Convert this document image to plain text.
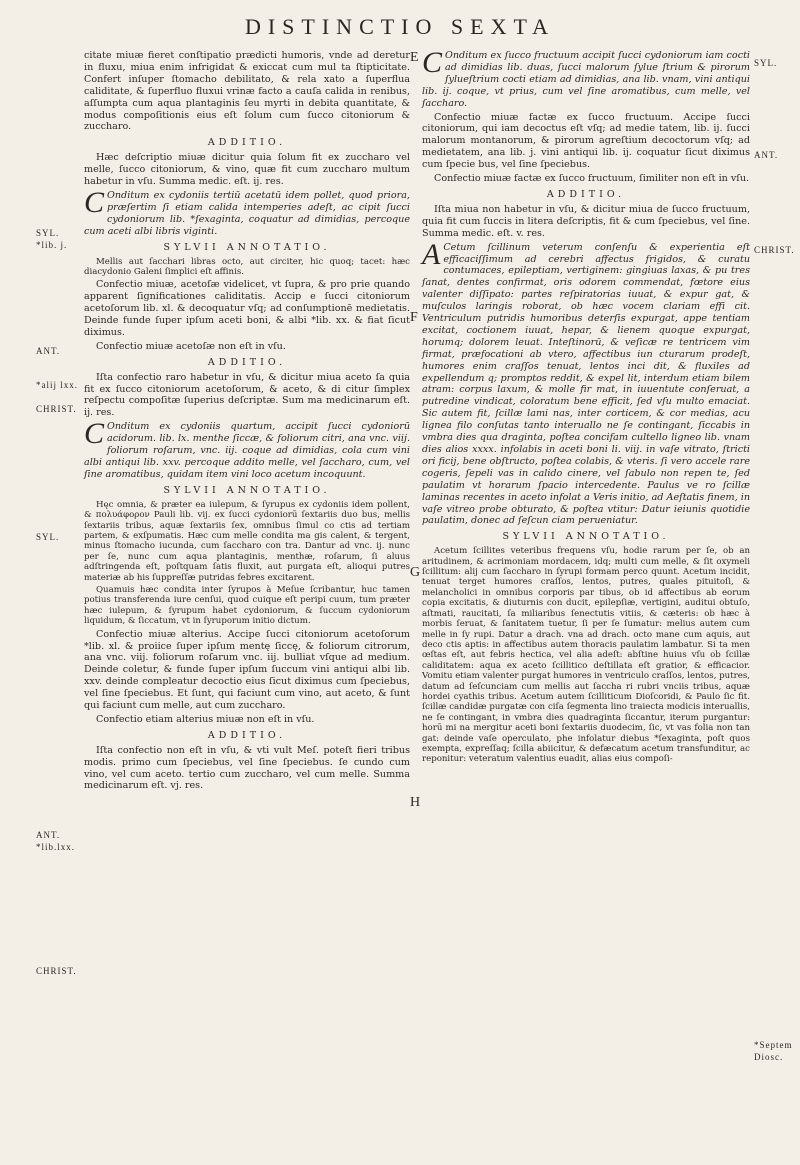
DISTINCTIO SEXTA
SYL.
*lib. j.
ANT.
*alij lxx.
CHRIST.
SYL.
ANT.
*lib.lxx.
CHRIST.
SYL.
ANT.
CHRIST.
*Septem
Diosc.
E
F
G
H

citate miuæ fieret conſtipatio prædicti humoris, vnde ad deretur in fluxu, miua enim infrigidat & exiccat cum mul ta ſtipticitate. Confert inſuper ſtomacho debilitato, & rela xato a ſuperflua caliditate, & ſuperfluo fluxui vrinæ facto a cauſa calida in renibus, aſſumpta cum aqua plantaginis ſeu myrti in debita quantitate, & modus compoſitionis eius eſt ſolum cum ſucco citoniorum & zuccharo.

ADDITIO.

Hæc deſcriptio miuæ dicitur quia ſolum fit ex zuccharo vel melle, ſucco citoniorum, & vino, quæ fit cum zuccharo multum habetur in vſu. Summa medic. eſt. ij. res.

C Onditum ex cydoniis tertiū acetatū idem pollet, quod priora, præſertim ſi etiam calida intemperies adeſt, ac cipit ſucci cydoniorum lib. *ſexaginta, coquatur ad dimidias, percoque cum aceti albi libris viginti.

SYLVII ANNOTATIO.

Mellis aut ſacchari libras octo, aut circiter, hic quoq; tacet: hæc diacydonio Galeni ſimplici eſt affinis.

Confectio miuæ, acetoſæ videlicet, vt ſupra, & pro prie quando apparent ſignificationes caliditatis. Accip e ſucci citoniorum acetoſorum lib. xl. & decoquatur vſq; ad conſumptionē medietatis. Deinde funde ſuper ipſum aceti boni, & albi *lib. xx. & fiat ſicut diximus.

Confectio miuæ acetoſæ non eſt in vſu.

ADDITIO.

Iſta confectio raro habetur in vſu, & dicitur miua aceto ſa quia fit ex ſucco citoniorum acetoſorum, & aceto, & di citur ſimplex reſpectu compoſitæ ſuperius deſcriptæ. Sum ma medicinarum eſt. ij. res.

C Onditum ex cydoniis quartum, accipit ſucci cydoniorū acidorum. lib. lx. menthe ſiccæ, & foliorum citri, ana vnc. viij. foliorum roſarum, vnc. iij. coque ad dimidias, cola cum vini albi antiqui lib. xxv. percoque addito melle, vel ſaccharo, cum, vel ſine aromatibus, quidam item vini loco acetum incoquunt.

SYLVII ANNOTATIO.

Hęc omnia, & præter ea iulepum, & ſyrupus ex cydoniis idem pollent, & πολυάφορον Pauli lib. vij. ex ſucci cydoniorū ſextariis duo bus, mellis ſextariis tribus, aquæ ſextariis ſex, omnibus ſimul co ctis ad tertiam partem, & exſpumatis. Hæc cum melle condita ma gis calent, & tergent, minus ſtomacho iucunda, cum ſaccharo con tra. Dantur ad vnc. ij. nunc per ſe, nunc cum aqua plantaginis, menthæ, roſarum, ſi aluus adſtringenda eſt, poſtquam ſatis fluxit, aut purgata eſt, alioqui putres materiæ ab his ſuppreſſæ putridas febres excitarent.

Quamuis hæc condita inter ſyrupos à Meſue ſcribantur, huc tamen potius transferenda iure cenſui, quod cuique eſt peripi cuum, tum præter hæc iulepum, & ſyrupum habet cydoniorum, & ſuccum cydoniorum liquidum, & ſiccatum, vt in ſyruporum initio dictum.

Confectio miuæ alterius. Accipe ſucci citoniorum acetoſorum *lib. xl. & proiice ſuper ipſum mentę ſiccę, & foliorum citrorum, ana vnc. viij. foliorum roſarum vnc. iij. bulliat vſque ad medium. Deinde coletur, & funde ſuper ipſum ſuccum vini antiqui albi lib. xxv. deinde compleatur decoctio eius ſicut diximus cum ſpeciebus, vel ſine ſpeciebus. Et ſunt, qui faciunt cum vino, aut aceto, & ſunt qui faciunt cum melle, aut cum zuccharo.

Confectio etiam alterius miuæ non eſt in vſu.

ADDITIO.

Iſta confectio non eſt in vſu, & vti vult Meſ. poteſt fieri tribus modis. primo cum ſpeciebus, vel ſine ſpeciebus. ſe cundo cum vino, vel cum aceto. tertio cum zuccharo, vel cum melle. Summa medicinarum eſt. vj. res.

C Onditum ex ſucco fructuum accipit ſucci cydoniorum iam cocti ad dimidias lib. duas, ſucci malorum ſylue ſtrium & pirorum ſylueſtrium cocti etiam ad dimidias, ana lib. vnam, vini antiqui lib. ij. coque, vt prius, cum vel ſine aromatibus, cum melle, vel ſaccharo.

Confectio miuæ factæ ex ſucco fructuum. Accipe ſucci citoniorum, qui iam decoctus eſt vſq; ad medie tatem, lib. ij. ſucci malorum montanorum, & pirorum agreſtium decoctorum vſq; ad medietatem, ana lib. j. vini antiqui lib. ij. coquatur ſicut diximus cum ſpecie bus, vel ſine ſpeciebus.

Confectio miuæ factæ ex ſucco fructuum, ſimiliter non eſt in vſu.

ADDITIO.

Iſta miua non habetur in vſu, & dicitur miua de ſucco fructuum, quia fit cum ſuccis in litera deſcriptis, fit & cum ſpeciebus, vel ſine. Summa medic. eſt. v. res.

A Cetum ſcillinum veterum conſenſu & experientia eſt efficaciſſimum ad cerebri affectus frigidos, & curatu contumaces, epileptiam, vertiginem: gingiuas laxas, & pu tres ſanat, dentes confirmat, oris odorem commendat, fœtore eius valenter diſſipato: partes reſpiratorias iuuat, & expur gat, & muſculos laringis roborat, ob hæc vocem clariam effi cit. Ventriculum putridis humoribus deterſis expurgat, appe tentiam excitat, coctionem iuuat, hepar, & lienem quoque expurgat, horumq; dolorem leuat. Inteſtinorū, & veſicæ re tentricem vim firmat, præfocationi ab vtero, affectibus iun cturarum prodeſt, humores enim craſſos tenuat, lentos inci dit, & fluxiles ad expellendum q; promptos reddit, & expel lit, interdum etiam bilem atram: corpus laxum, & molle fir mat, in iuuentute conſeruat, a putredine vindicat, coloratum bene efficit, ſed vſu multo emaciat. Sic autem fit, ſcillæ lami nas, inter corticem, & cor medias, acu lignea filo conſutas tanto interuallo ne ſe contingant, ſiccabis in vmbra dies qua draginta, poſtea concifam cultello ligneo lib. vnam dies alios xxxx. infolabis in aceti boni li. viij. in vaſe vitrato, ſtricti ori ficij, bene obſtructo, poſtea colabis, & vteris. ſi vero accele rare cogeris, ſepeli vas in calido cinere, vel ſabulo non repen te, ſed paulatim vt horarum ſpacio intercedente. Paulus ve ro ſcillæ laminas recentes in aceto infolat a Veris initio, ad Aeſtatis finem, in vaſe vitreo probe obturato, & poſtea vtitur: Datur ieiunis quotidie paulatim, donec ad ſeſcun ciam perueniatur.

SYLVII ANNOTATIO.

Acetum ſcillites veteribus frequens vſu, hodie rarum per ſe, ob an aritudinem, & acrimoniam mordacem, idq; multi cum melle, & ſit oxymeli ſcillitum: alij cum ſaccharo in ſyrupi formam perco quunt. Acetum incidit, tenuat terget humores craſſos, lentos, putres, quales pituitoſi, & melancholici in omnibus corporis par tibus, ob id affectibus ab eorum copia excitatis, & diuturnis con ducit, epilepſiæ, vertigini, auditui obtuſo, aſtmati, raucitati, ſa miliaribus ſenectutis vitiis, & cæteris: ob hæc à morbis ſeruat, & ſanitatem tuetur, ſi per ſe ſumatur: melius autem cum melle in ſy rupi. Datur a drach. vna ad drach. octo mane cum aquis, aut deco ctis aptis: in affectibus autem thoracis paulatim lambatur. Si ta men œſtas eſt, aut febris hectica, vel alia adeſt: abſtine huius vſu ob ſcillæ caliditatem: aqua ex aceto ſcillitico deſtillata eſt gratior, & efficacior. Vomitu etiam valenter purgat humores in ventriculo craſſos, lentos, putres, datum ad ſeſcunciam cum mellis aut ſaccha ri rubri vnciis tribus, aquæ hordei cyathis tribus. Acetum autem ſcilliticum Dioſcoridi, & Paulo ſic fit. ſcillæ candidæ purgatæ con ciſa ſegmenta lino traiecta modicis interuallis, ne ſe contingant, in vmbra dies quadraginta ſiccantur, iterum purgantur: horū mi na mergitur aceti boni ſextariis duodecim, ſic, vt vas folia non tan gat: deinde vaſe operculato, phe infolatur diebus *ſexaginta, poſt quos exempta, expreſſaq; ſcilla abiicitur, & defæcatum acetum transfunditur, ac reponitur: veteratum valentius euadit, alias eius compoſi-
